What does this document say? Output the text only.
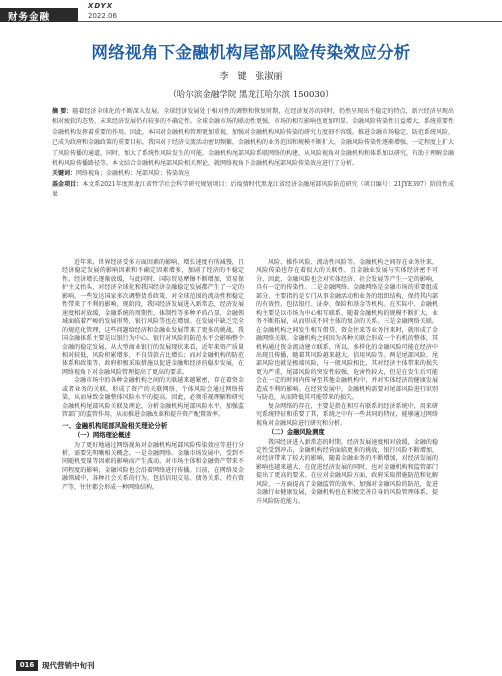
财务金融
XDYX
2022.06
网络视角下金融机构尾部风险传染效应分析
李 键 张淑丽
（哈尔滨金融学院 黑龙江哈尔滨 150030）

摘 要：随着经济全球化的不断深入发展，全球经济发展处于相对性的调整和恢复时期，在经济复苏的同时，仍然呈现出不稳定的特点，新兴经济呈现出相对疲软的态势，未来经济发展仍有较多的不确定性。全球金融市场的联动性更强，市场的相互影响也更加明显。金融风险传染性日益增大，系统重要性金融机构发挥着重要的作用。因此，本国对金融机构管理更加重视，加强对金融机构风险传染的研究力度刻不容缓。推进金融市场稳定，防范系统风险，已成为政府和金融政策的重要目标。我国对于经济交流活动密切频繁，金融机构的业务范围和规模不断扩大，金融风险传染性逐渐增强，一定程度上扩大了风险传播的通道，同时，加大了系统性风险发生的可能。金融机构尾部风险系联网络的构建，从风险视角对金融机构和体系加以研究，有助于理解金融机构风险传播路径等。本文结合金融机构尾部风险相关理论，就网络视角下金融机构尾部风险传染效应进行了分析。

关键词：网络视角；金融机构；尾部风险；传染效应

基金项目：本文系2021年度黑龙江省哲学社会科学研究规划项目：后疫情时代黑龙江省经济金融尾部风险防范研究（项目编号：21JYE397）阶段性成果

近年来，世界经济受多方面因素的影响，增长速度有所减慢，且经济稳定发展的影响因素和不确定因素增多，加剧了经济的不稳定性。经济增长逐渐放缓，与此同时，国际贸易摩擦不断增加，贸易保护主义抬头，对经济全球化和我国经济金融稳定发展都产生了一定的影响。一些发达国家多次调整货币政策，对全球范围的流动性和稳定性带来了不利的影响。现阶段，我国经济发展进入新常态，经济发展速度相对放缓，金融系统的周期性、体制性等多种矛盾凸显，金融领域面临着严峻的发展形势，银行风险等也在增加。在发展中缺乏完全的规范化管理，这些问题给经济和金融业发展带来了更多的挑战。我国金融体系主要是以银行为中心，银行对风险的防范水平会影响整个金融的稳定发展，从大型商业银行的发展现状来看，近年来资产质量相对较低，风险积累增多，不良贷款占比增长；而对金融机构的防范体系和政策等，政府积极采取措施以促进金融和经济的稳步发展，在网络视角下对金融风险管理提出了更高的要求。

金融市场中的各种金融机构之间的关联越来越紧密，存在着资金或者业务的关联，形成了资产的关联网络，个体风险会通过网络传染，从而导致金融整体风险水平的提高。因此，必须重视理解和研究金融机构尾部风险关联及理论，分析金融机构尾部风险水平，加强监管部门的监管作用，从而推进金融改革和提升资产配置效率。

一、金融机构尾部风险相关理论分析
（一）网络理论概述

为了更好地通过网络视角对金融机构尾部风险传染效应等进行分析，需要先明晰相关概念。一是金融网络。金融市场发展中，受到不同随机变量等因素的影响而产生波动，对市场主体和金融资产带来不同程度的影响，金融风险也会沿着网络进行传播。目前，在网络及金融领域中，各种社会关系的行为，包括信用交易、债务关系、持有资产等，往往都会形成一种网络结构。

风险、操作风险、流动性风险等。金融机构之间存在业务往来，风险传染也存在着很大的关联性，且金融业发展与实体经济密不可分，因此，金融风险也会对实体经济、社会发展等产生一定的影响，具有一定的传染性。二是金融网络。金融网络是金融市场的重要组成部分，主要指的是专门从事金融活动和业务的组织结构，保持其内部的有效性，包括银行、证券、保险和基金等机构。在实际中，金融机构主要是以市场为中心相互联系，随着金融机构的规模不断扩大，业务不断拓展，从而形成不同主体的复杂的关系。三是金融网络关联。在金融机构之间发生相互借贷、资金往来等业务往来时，就形成了金融网络关联。金融机构之间因为各种关联会形成一个有机的整体，其机构通过资金流动建立联系，所以，多样化的金融风险可能在经济中出现且传播，随着其风险越来越大，信用风险等。两是尾部风险。尾部风险也就是极端风险，与一般风险相比，其对经济主体带来的损失更为严重，尾部风险的突发性较强，危害性较大，但是在发生后可能会在一定的时间内传导至其他金融机构中，并对实体经济的健康发展造成不利的影响。在经营发展中，金融机构需要对尾部风险进行识别与防范，从而降低其可能带来的损失。

复杂网络的存在，主要是指在相互有联系的经济系统中，用来研究系统特征和重要了其，系统之中有一些共同的特征，能够通过网络视角对金融风险进行研究和分析。

（二）金融风险测度

我国经济进入新常态的时期，经济发展速度相对放缓，金融的稳定性受到冲击，金融机构经营面临更多的挑战，银行风险不断增加，对经济带来了较大的影响，随着金融业务的不断增加，对经济发展的影响也越来越大，在促进经济发展的同时，也对金融机构和监管部门提出了更高的要求。在应对金融风险方面，政府采取措施防范和化解风险，一方面提高了金融监管的效率，加强对金融风险的防范，促进金融行业健康发展，金融机构也在积极完善自身的风险管理体系，提升风险防范能力。

016	现代营销中旬刊
